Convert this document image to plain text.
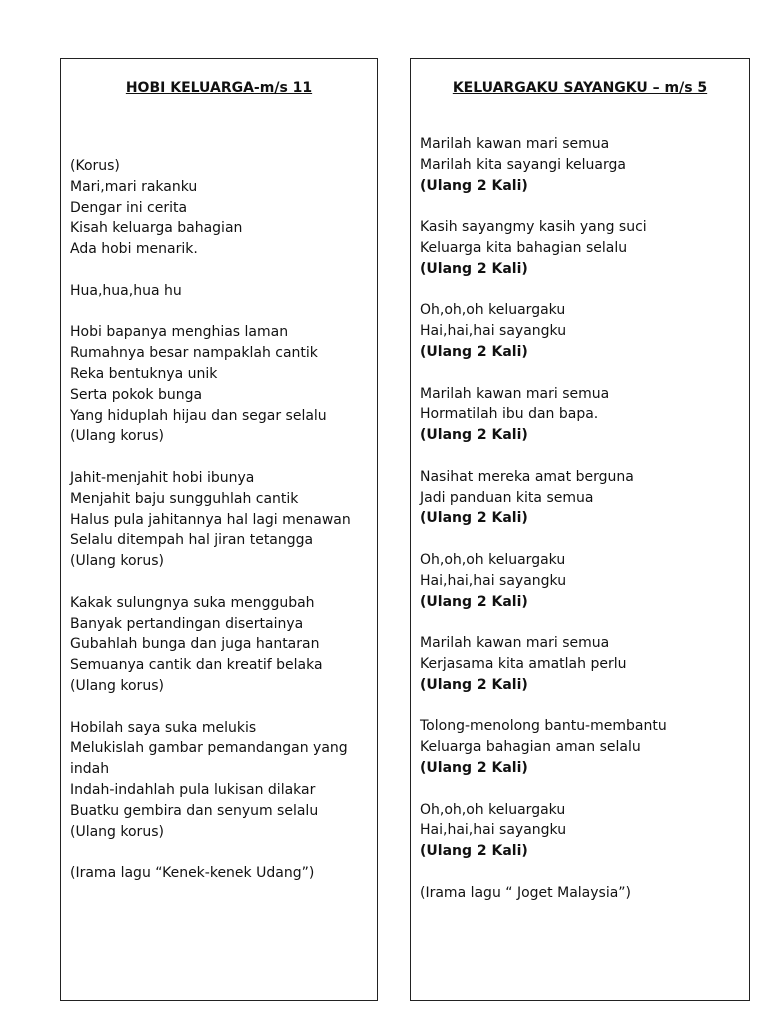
HOBI KELUARGA-m/s 11
(Korus)
Mari,mari rakanku
Dengar ini cerita
Kisah keluarga bahagian
Ada hobi menarik.
Hua,hua,hua hu
Hobi bapanya menghias laman
Rumahnya besar nampaklah cantik
Reka bentuknya unik
Serta pokok bunga
Yang hiduplah hijau dan segar selalu
(Ulang korus)
Jahit-menjahit hobi ibunya
Menjahit baju sungguhlah cantik
Halus pula jahitannya hal lagi menawan
Selalu ditempah hal jiran tetangga
(Ulang korus)
Kakak sulungnya suka menggubah
Banyak pertandingan disertainya
Gubahlah bunga dan juga hantaran
Semuanya cantik dan kreatif belaka
(Ulang korus)
Hobilah saya suka melukis
Melukislah gambar pemandangan yang indah
Indah-indahlah pula lukisan dilakar
Buatku gembira dan senyum selalu
(Ulang korus)
(Irama lagu “Kenek-kenek Udang”)
KELUARGAKU SAYANGKU – m/s 5
Marilah kawan mari semua
Marilah kita sayangi keluarga
(Ulang 2 Kali)
Kasih sayangmy kasih yang suci
Keluarga kita bahagian selalu
(Ulang 2 Kali)
Oh,oh,oh keluargaku
Hai,hai,hai sayangku
(Ulang 2 Kali)
Marilah kawan mari semua
Hormatilah ibu dan bapa.
(Ulang 2 Kali)
Nasihat mereka amat berguna
Jadi panduan kita semua
(Ulang 2 Kali)
Oh,oh,oh keluargaku
Hai,hai,hai sayangku
(Ulang 2 Kali)
Marilah kawan mari semua
Kerjasama kita amatlah perlu
(Ulang 2 Kali)
Tolong-menolong bantu-membantu
Keluarga bahagian aman selalu
(Ulang 2 Kali)
Oh,oh,oh keluargaku
Hai,hai,hai sayangku
(Ulang 2 Kali)
(Irama lagu “ Joget Malaysia”)
